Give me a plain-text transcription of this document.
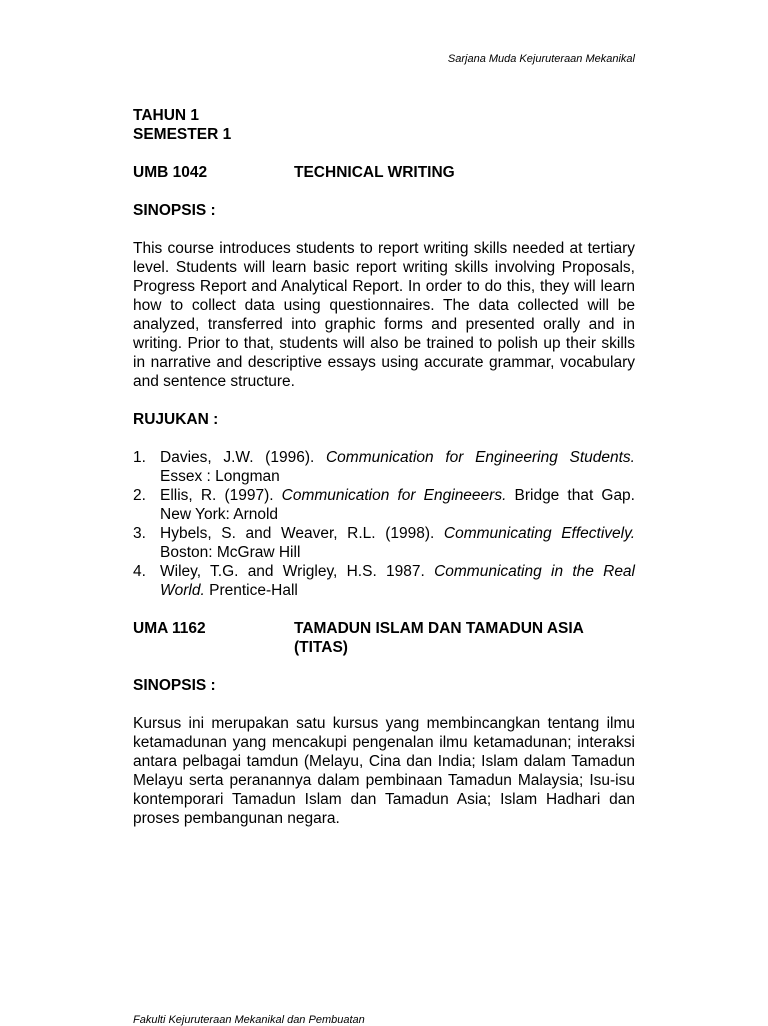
Sarjana Muda Kejuruteraan Mekanikal
TAHUN 1
SEMESTER 1
UMB 1042	TECHNICAL WRITING
SINOPSIS :
This course introduces students to report writing skills needed at tertiary level. Students will learn basic report writing skills involving Proposals, Progress Report and Analytical Report. In order to do this, they will learn how to collect data using questionnaires. The data collected will be analyzed, transferred into graphic forms and presented orally and in writing. Prior to that, students will also be trained to polish up their skills in narrative and descriptive essays using accurate grammar, vocabulary and sentence structure.
RUJUKAN :
1. Davies, J.W. (1996). Communication for Engineering Students. Essex : Longman
2. Ellis, R. (1997). Communication for Engineeers. Bridge that Gap. New York: Arnold
3. Hybels, S. and Weaver, R.L. (1998). Communicating Effectively. Boston: McGraw Hill
4. Wiley, T.G. and Wrigley, H.S. 1987. Communicating in the Real World. Prentice-Hall
UMA 1162	TAMADUN ISLAM DAN TAMADUN ASIA (TITAS)
SINOPSIS :
Kursus ini merupakan satu kursus yang membincangkan tentang ilmu ketamadunan yang mencakupi pengenalan ilmu ketamadunan; interaksi antara pelbagai tamdun (Melayu, Cina dan India; Islam dalam Tamadun Melayu serta peranannya dalam pembinaan Tamadun Malaysia; Isu-isu kontemporari Tamadun Islam dan Tamadun Asia; Islam Hadhari dan proses pembangunan negara.
Fakulti Kejuruteraan Mekanikal dan Pembuatan
